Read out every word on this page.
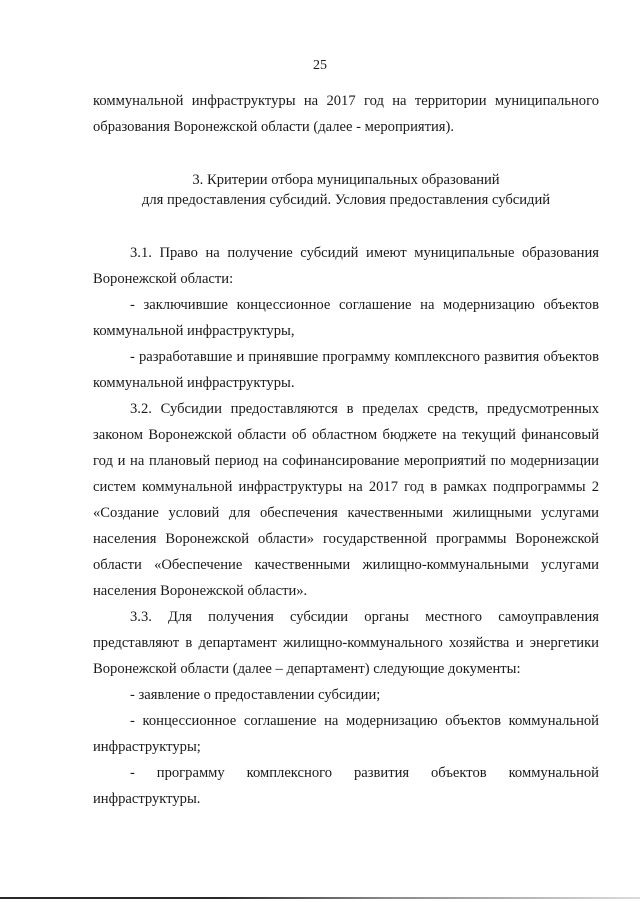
25

коммунальной инфраструктуры на 2017 год на территории муниципального образования Воронежской области (далее - мероприятия).

3. Критерии отбора муниципальных образований
для предоставления субсидий. Условия предоставления субсидий

3.1. Право на получение субсидий имеют муниципальные образования Воронежской области:

- заключившие концессионное соглашение на модернизацию объектов коммунальной инфраструктуры,

- разработавшие и принявшие программу комплексного развития объектов коммунальной инфраструктуры.

3.2. Субсидии предоставляются в пределах средств, предусмотренных законом Воронежской области об областном бюджете на текущий финансовый год и на плановый период на софинансирование мероприятий по модернизации систем коммунальной инфраструктуры на 2017 год в рамках подпрограммы 2 «Создание условий для обеспечения качественными жилищными услугами населения Воронежской области» государственной программы Воронежской области «Обеспечение качественными жилищно-коммунальными услугами населения Воронежской области».

3.3. Для получения субсидии органы местного самоуправления представляют в департамент жилищно-коммунального хозяйства и энергетики Воронежской области (далее – департамент) следующие документы:

- заявление о предоставлении субсидии;

- концессионное соглашение на модернизацию объектов коммунальной инфраструктуры;

- программу комплексного развития объектов коммунальной инфраструктуры.
